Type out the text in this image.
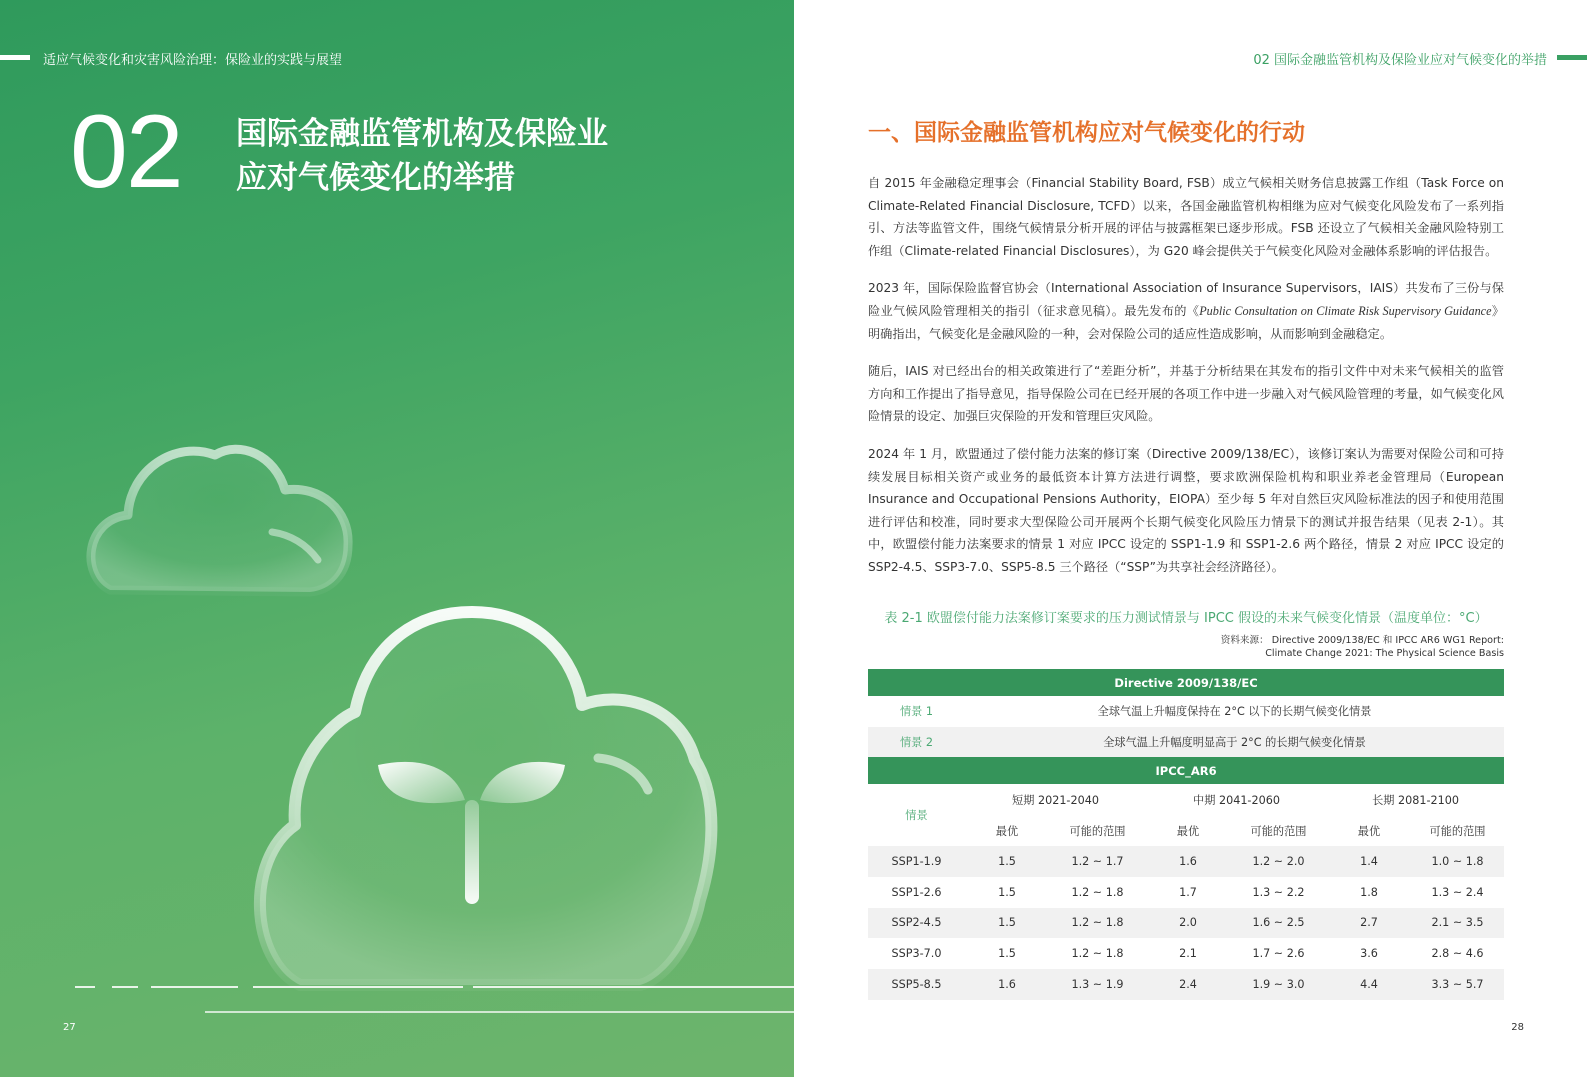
适应气候变化和灾害风险治理：保险业的实践与展望
02 国际金融监管机构及保险业
应对气候变化的举措
27
02 国际金融监管机构及保险业应对气候变化的举措
一、国际金融监管机构应对气候变化的行动

自 2015 年金融稳定理事会（Financial Stability Board, FSB）成立气候相关财务信息披露工作组（Task Force on Climate-Related Financial Disclosure, TCFD）以来，各国金融监管机构相继为应对气候变化风险发布了一系列指引、方法等监管文件，围绕气候情景分析开展的评估与披露框架已逐步形成。FSB 还设立了气候相关金融风险特别工作组（Climate-related Financial Disclosures），为 G20 峰会提供关于气候变化风险对金融体系影响的评估报告。

2023 年，国际保险监督官协会（International Association of Insurance Supervisors，IAIS）共发布了三份与保险业气候风险管理相关的指引（征求意见稿）。最先发布的《Public Consultation on Climate Risk Supervisory Guidance》明确指出，气候变化是金融风险的一种，会对保险公司的适应性造成影响，从而影响到金融稳定。

随后，IAIS 对已经出台的相关政策进行了“差距分析”，并基于分析结果在其发布的指引文件中对未来气候相关的监管方向和工作提出了指导意见，指导保险公司在已经开展的各项工作中进一步融入对气候风险管理的考量，如气候变化风险情景的设定、加强巨灾保险的开发和管理巨灾风险。

2024 年 1 月，欧盟通过了偿付能力法案的修订案（Directive 2009/138/EC），该修订案认为需要对保险公司和可持续发展目标相关资产或业务的最低资本计算方法进行调整，要求欧洲保险机构和职业养老金管理局（European Insurance and Occupational Pensions Authority，EIOPA）至少每 5 年对自然巨灾风险标准法的因子和使用范围进行评估和校准，同时要求大型保险公司开展两个长期气候变化风险压力情景下的测试并报告结果（见表 2-1）。其中，欧盟偿付能力法案要求的情景 1 对应 IPCC 设定的 SSP1-1.9 和 SSP1-2.6 两个路径，情景 2 对应 IPCC 设定的 SSP2-4.5、SSP3-7.0、SSP5-8.5 三个路径（“SSP”为共享社会经济路径）。

表 2-1 欧盟偿付能力法案修订案要求的压力测试情景与 IPCC 假设的未来气候变化情景（温度单位：°C）
资料来源： Directive 2009/138/EC 和 IPCC AR6 WG1 Report:
Climate Change 2021: The Physical Science Basis
Directive 2009/138/EC						
情景 1	全球气温上升幅度保持在 2°C 以下的长期气候变化情景					
情景 2	全球气温上升幅度明显高于 2°C 的长期气候变化情景					
IPCC_AR6						
情景	短期 2021-2040		中期 2041-2060		长期 2081-2100	
	最优	可能的范围	最优	可能的范围	最优	可能的范围
SSP1-1.9	1.5	1.2 ~ 1.7	1.6	1.2 ~ 2.0	1.4	1.0 ~ 1.8
SSP1-2.6	1.5	1.2 ~ 1.8	1.7	1.3 ~ 2.2	1.8	1.3 ~ 2.4
SSP2-4.5	1.5	1.2 ~ 1.8	2.0	1.6 ~ 2.5	2.7	2.1 ~ 3.5
SSP3-7.0	1.5	1.2 ~ 1.8	2.1	1.7 ~ 2.6	3.6	2.8 ~ 4.6
SSP5-8.5	1.6	1.3 ~ 1.9	2.4	1.9 ~ 3.0	4.4	3.3 ~ 5.7
28
